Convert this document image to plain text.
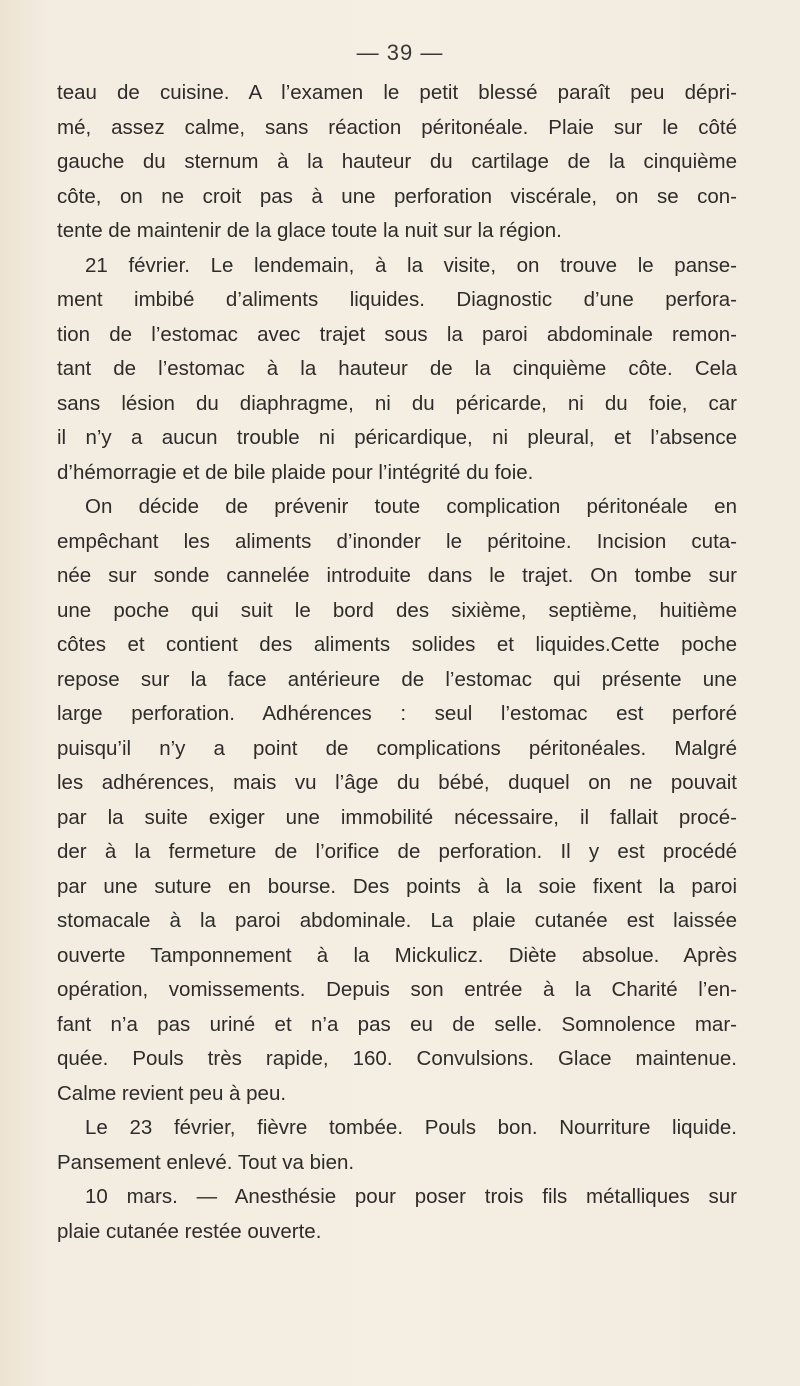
— 39 —
teau de cuisine. A l’examen le petit blessé paraît peu dépri-
mé, assez calme, sans réaction péritonéale. Plaie sur le côté
gauche du sternum à la hauteur du cartilage de la cinquième
côte, on ne croit pas à une perforation viscérale, on se con-
tente de maintenir de la glace toute la nuit sur la région.
21 février. Le lendemain, à la visite, on trouve le panse-
ment imbibé d’aliments liquides. Diagnostic d’une perfora-
tion de l’estomac avec trajet sous la paroi abdominale remon-
tant de l’estomac à la hauteur de la cinquième côte. Cela
sans lésion du diaphragme, ni du péricarde, ni du foie, car
il n’y a aucun trouble ni péricardique, ni pleural, et l’absence
d’hémorragie et de bile plaide pour l’intégrité du foie.
On décide de prévenir toute complication péritonéale en
empêchant les aliments d’inonder le péritoine. Incision cuta-
née sur sonde cannelée introduite dans le trajet. On tombe sur
une poche qui suit le bord des sixième, septième, huitième
côtes et contient des aliments solides et liquides.Cette poche
repose sur la face antérieure de l’estomac qui présente une
large perforation. Adhérences : seul l’estomac est perforé
puisqu’il n’y a point de complications péritonéales. Malgré
les adhérences, mais vu l’âge du bébé, duquel on ne pouvait
par la suite exiger une immobilité nécessaire, il fallait procé-
der à la fermeture de l’orifice de perforation. Il y est procédé
par une suture en bourse. Des points à la soie fixent la paroi
stomacale à la paroi abdominale. La plaie cutanée est laissée
ouverte Tamponnement à la Mickulicz. Diète absolue. Après
opération, vomissements. Depuis son entrée à la Charité l’en-
fant n’a pas uriné et n’a pas eu de selle. Somnolence mar-
quée. Pouls très rapide, 160. Convulsions. Glace maintenue.
Calme revient peu à peu.
Le 23 février, fièvre tombée. Pouls bon. Nourriture liquide.
Pansement enlevé. Tout va bien.
10 mars. — Anesthésie pour poser trois fils métalliques sur
plaie cutanée restée ouverte.
